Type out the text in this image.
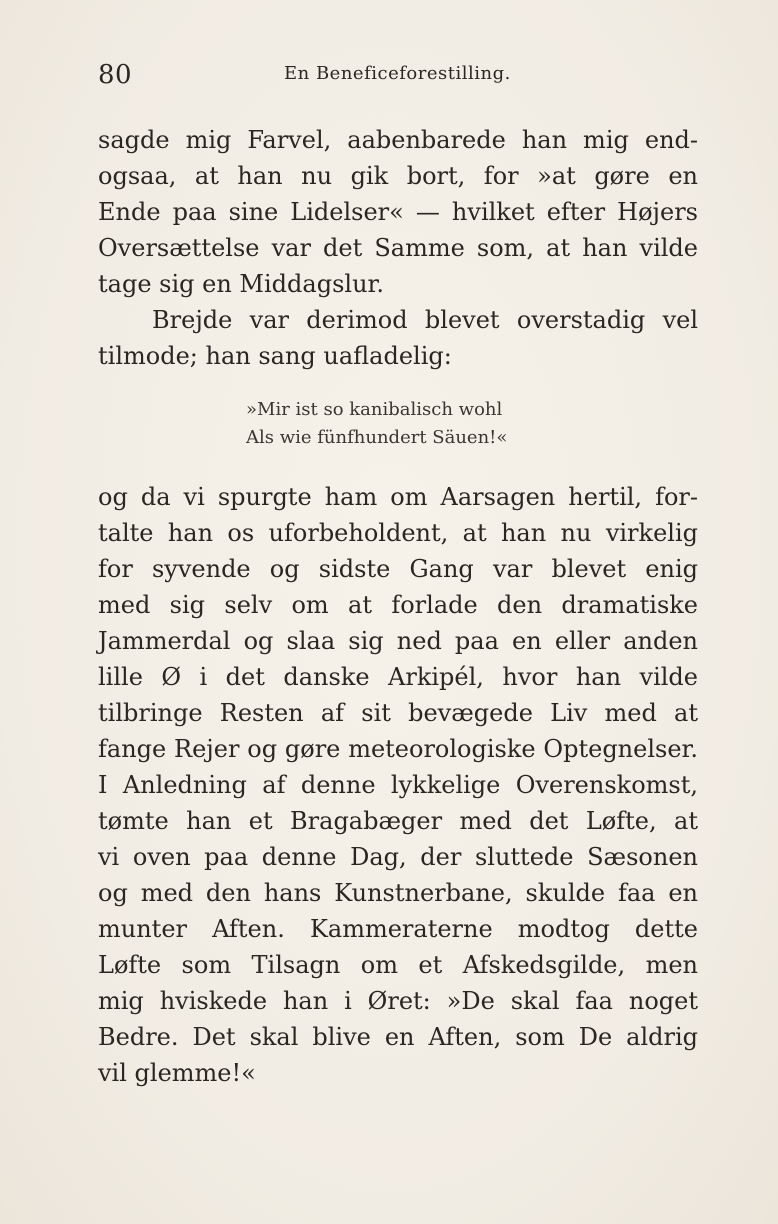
80	En Beneficeforestilling.
sagde mig Farvel, aabenbarede han mig end-
ogsaa, at han nu gik bort, for »at gøre en
Ende paa sine Lidelser« — hvilket efter Højers
Oversættelse var det Samme som, at han vilde
tage sig en Middagslur.
Brejde var derimod blevet overstadig vel
tilmode; han sang uafladelig:
»Mir ist so kanibalisch wohl
Als wie fünfhundert Säuen!«
og da vi spurgte ham om Aarsagen hertil, for-
talte han os uforbeholdent, at han nu virkelig
for syvende og sidste Gang var blevet enig
med sig selv om at forlade den dramatiske
Jammerdal og slaa sig ned paa en eller anden
lille Ø i det danske Arkipél, hvor han vilde
tilbringe Resten af sit bevægede Liv med at
fange Rejer og gøre meteorologiske Optegnelser.
I Anledning af denne lykkelige Overenskomst,
tømte han et Bragabæger med det Løfte, at
vi oven paa denne Dag, der sluttede Sæsonen
og med den hans Kunstnerbane, skulde faa en
munter Aften. Kammeraterne modtog dette
Løfte som Tilsagn om et Afskedsgilde, men
mig hviskede han i Øret: »De skal faa noget
Bedre. Det skal blive en Aften, som De aldrig
vil glemme!«
